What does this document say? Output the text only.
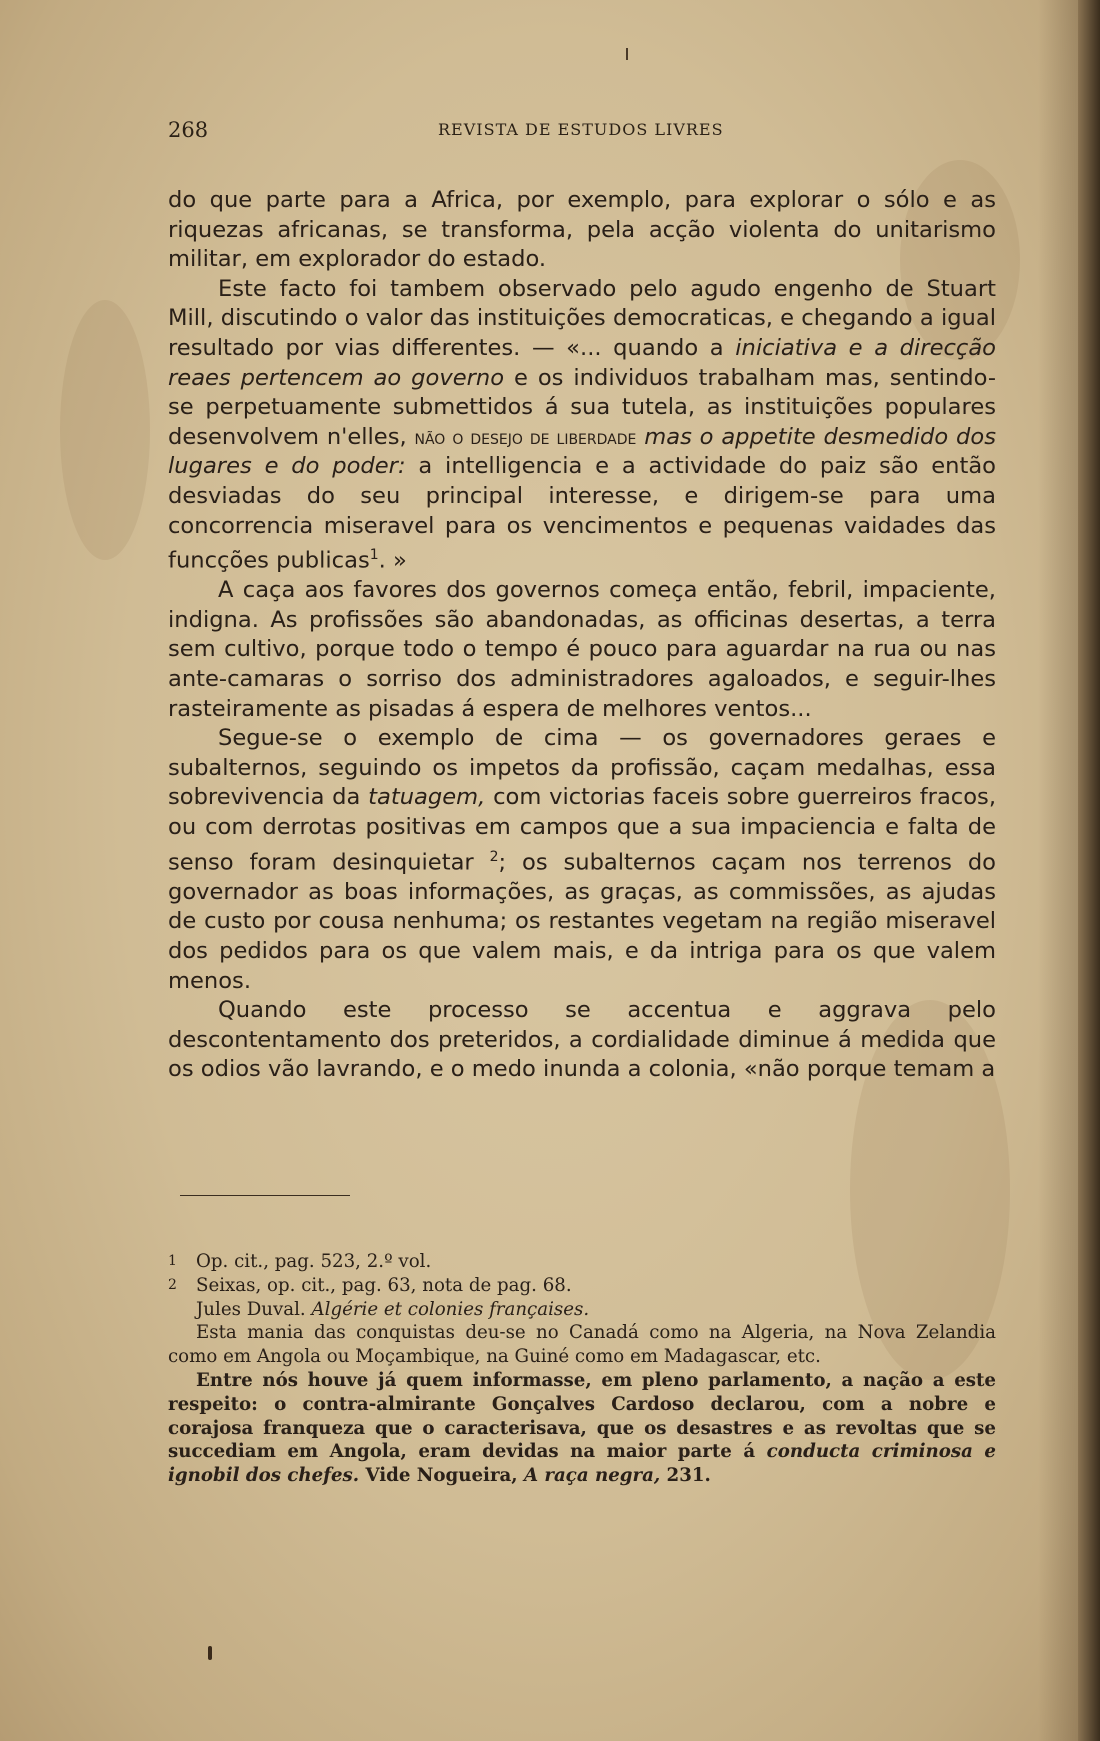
268	REVISTA DE ESTUDOS LIVRES

do que parte para a Africa, por exemplo, para explorar o sólo e as riquezas africanas, se transforma, pela acção violenta do unitarismo militar, em explorador do estado.

Este facto foi tambem observado pelo agudo engenho de Stuart Mill, discutindo o valor das instituições democraticas, e chegando a igual resultado por vias differentes. — «... quando a iniciativa e a direcção reaes pertencem ao governo e os individuos trabalham mas, sentindo-se perpetuamente submettidos á sua tutela, as instituições populares desenvolvem n'elles, não o desejo de liberdade mas o appetite desmedido dos lugares e do poder: a intelligencia e a actividade do paiz são então desviadas do seu principal interesse, e dirigem-se para uma concorrencia miseravel para os vencimentos e pequenas vaidades das funcções publicas$^1$. »

A caça aos favores dos governos começa então, febril, impaciente, indigna. As profissões são abandonadas, as officinas desertas, a terra sem cultivo, porque todo o tempo é pouco para aguardar na rua ou nas ante-camaras o sorriso dos administradores agaloados, e seguir-lhes rasteiramente as pisadas á espera de melhores ventos...

Segue-se o exemplo de cima — os governadores geraes e subalternos, seguindo os impetos da profissão, caçam medalhas, essa sobrevivencia da tatuagem, com victorias faceis sobre guerreiros fracos, ou com derrotas positivas em campos que a sua impaciencia e falta de senso foram desinquietar $^2$; os subalternos caçam nos terrenos do governador as boas informações, as graças, as commissões, as ajudas de custo por cousa nenhuma; os restantes vegetam na região miseravel dos pedidos para os que valem mais, e da intriga para os que valem menos.

Quando este processo se accentua e aggrava pelo descontentamento dos preteridos, a cordialidade diminue á medida que os odios vão lavrando, e o medo inunda a colonia, «não porque temam a

1 Op. cit., pag. 523, 2.º vol.

2 Seixas, op. cit., pag. 63, nota de pag. 68.

Jules Duval. Algérie et colonies françaises.

Esta mania das conquistas deu-se no Canadá como na Algeria, na Nova Zelandia como em Angola ou Moçambique, na Guiné como em Madagascar, etc.

Entre nós houve já quem informasse, em pleno parlamento, a nação a este respeito: o contra-almirante Gonçalves Cardoso declarou, com a nobre e corajosa franqueza que o caracterisava, que os desastres e as revoltas que se succediam em Angola, eram devidas na maior parte á conducta criminosa e ignobil dos chefes. Vide Nogueira, A raça negra, 231.
